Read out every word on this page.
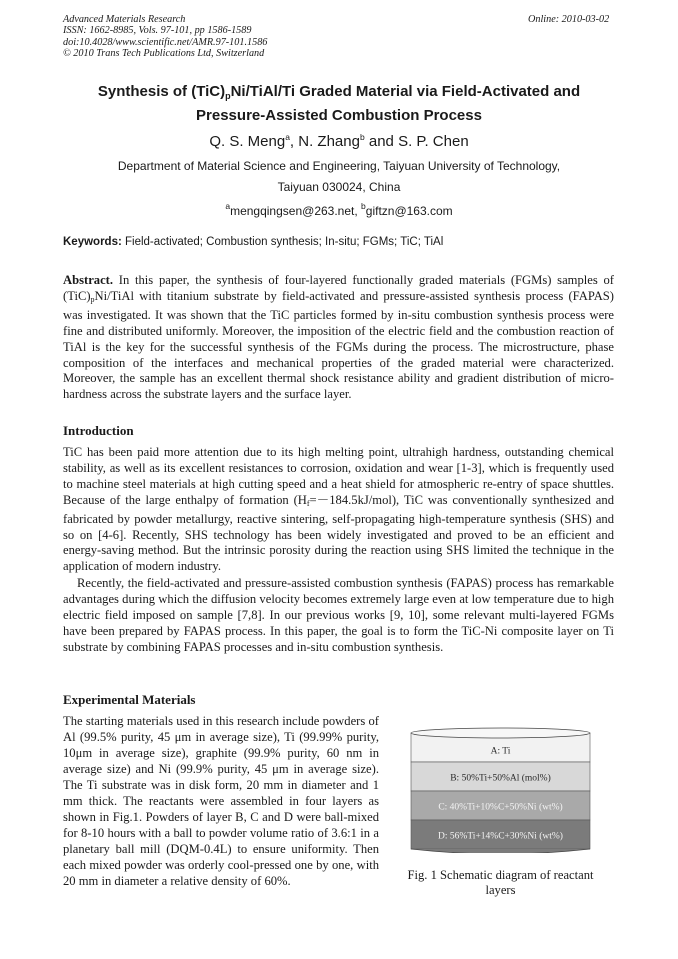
Advanced Materials Research
ISSN: 1662-8985, Vols. 97-101, pp 1586-1589
doi:10.4028/www.scientific.net/AMR.97-101.1586
© 2010 Trans Tech Publications Ltd, Switzerland
Online: 2010-03-02
Synthesis of $(TiC)_pNi/TiAl/Ti$ Graded Material via Field-Activated and
Pressure-Assisted Combustion Process
Q. S. Meng$^a$, N. Zhang$^b$ and S. P. Chen
Department of Material Science and Engineering, Taiyuan University of Technology,
Taiyuan 030024, China
$^a$mengqingsen@263.net, $^b$giftzn@163.com
Keywords: Field-activated; Combustion synthesis; In-situ; FGMs; TiC; TiAl
Abstract. In this paper, the synthesis of four-layered functionally graded materials (FGMs) samples of $(TiC)_pNi$/TiAl with titanium substrate by field-activated and pressure-assisted synthesis process (FAPAS) was investigated. It was shown that the TiC particles formed by in-situ combustion synthesis process were fine and distributed uniformly. Moreover, the imposition of the electric field and the combustion reaction of TiAl is the key for the successful synthesis of the FGMs during the process. The microstructure, phase composition of the interfaces and mechanical properties of the graded material were characterized. Moreover, the sample has an excellent thermal shock resistance ability and gradient distribution of micro-hardness across the substrate layers and the surface layer.
Introduction
TiC has been paid more attention due to its high melting point, ultrahigh hardness, outstanding chemical stability, as well as its excellent resistances to corrosion, oxidation and wear [1-3], which is frequently used to machine steel materials at high cutting speed and a heat shield for atmospheric re-entry of space shuttles. Because of the large enthalpy of formation $(H_f=-184.5kJ/mol)$, TiC was conventionally synthesized and fabricated by powder metallurgy, reactive sintering, self-propagating high-temperature synthesis (SHS) and so on [4-6]. Recently, SHS technology has been widely investigated and proved to be an efficient and energy-saving method. But the intrinsic porosity during the reaction using SHS limited the technique in the application of modern industry.
Recently, the field-activated and pressure-assisted combustion synthesis (FAPAS) process has remarkable advantages during which the diffusion velocity becomes extremely large even at low temperature due to high electric field imposed on sample [7,8]. In our previous works [9, 10], some relevant multi-layered FGMs have been prepared by FAPAS process. In this paper, the goal is to form the TiC-Ni composite layer on Ti substrate by combining FAPAS processes and in-situ combustion synthesis.
Experimental Materials
The starting materials used in this research include powders of Al (99.5% purity, 45 μm in average size), Ti (99.99% purity, 10μm in average size), graphite (99.9% purity, 60 nm in average size) and Ni (99.9% purity, 45 μm in average size). The Ti substrate was in disk form, 20 mm in diameter and 1 mm thick. The reactants were assembled in four layers as shown in Fig.1. Powders of layer B, C and D were ball-mixed for 8-10 hours with a ball to powder volume ratio of 3.6:1 in a planetary ball mill (DQM-0.4L) to ensure uniformity. Then each mixed powder was orderly cool-pressed one by one, with 20 mm in diameter a relative density of 60%.
A: Ti
B: 50%Ti+50%Al (mol%)
C: 40%Ti+10%C+50%Ni (wt%)
D: 56%Ti+14%C+30%Ni (wt%)
Fig. 1 Schematic diagram of reactant layers
